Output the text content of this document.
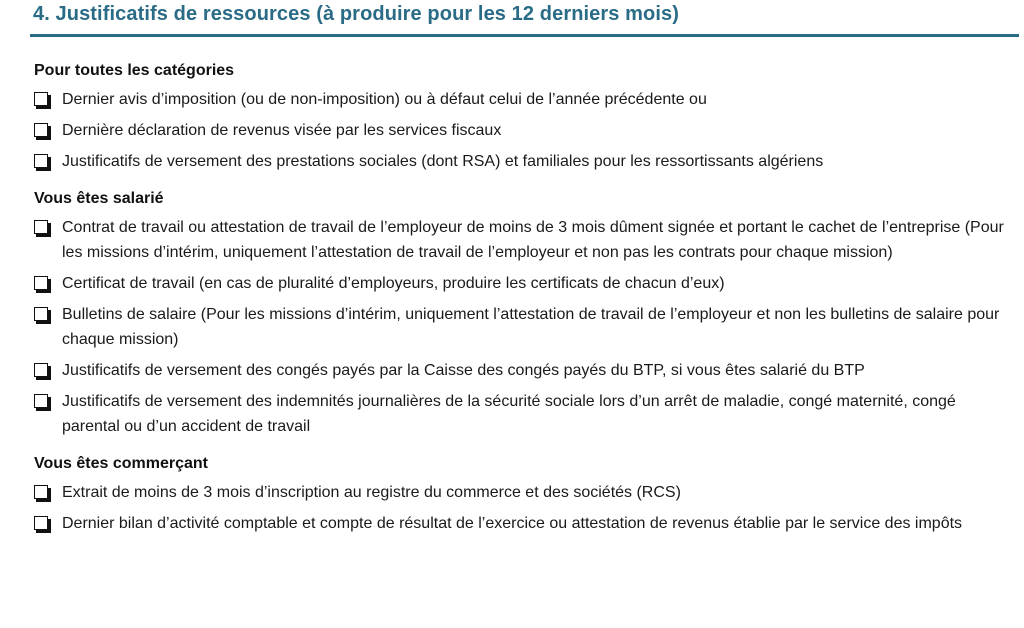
4. Justificatifs de ressources (à produire pour les 12 derniers mois)
Pour toutes les catégories
Dernier avis d’imposition (ou de non-imposition) ou à défaut celui de l’année précédente ou
Dernière déclaration de revenus visée par les services fiscaux
Justificatifs de versement des prestations sociales (dont RSA) et familiales pour les ressortissants algériens
Vous êtes salarié
Contrat de travail ou attestation de travail de l’employeur de moins de 3 mois dûment signée et portant le cachet de l’entreprise (Pour les missions d’intérim, uniquement l’attestation de travail de l’employeur et non pas les contrats pour chaque mission)
Certificat de travail (en cas de pluralité d’employeurs, produire les certificats de chacun d’eux)
Bulletins de salaire (Pour les missions d’intérim, uniquement l’attestation de travail de l’employeur et non les bulletins de salaire pour chaque mission)
Justificatifs de versement des congés payés par la Caisse des congés payés du BTP, si vous êtes salarié du BTP
Justificatifs de versement des indemnités journalières de la sécurité sociale lors d’un arrêt de maladie, congé maternité, congé parental ou d’un accident de travail
Vous êtes commerçant
Extrait de moins de 3 mois d’inscription au registre du commerce et des sociétés (RCS)
Dernier bilan d’activité comptable et compte de résultat de l’exercice ou attestation de revenus établie par le service des impôts
